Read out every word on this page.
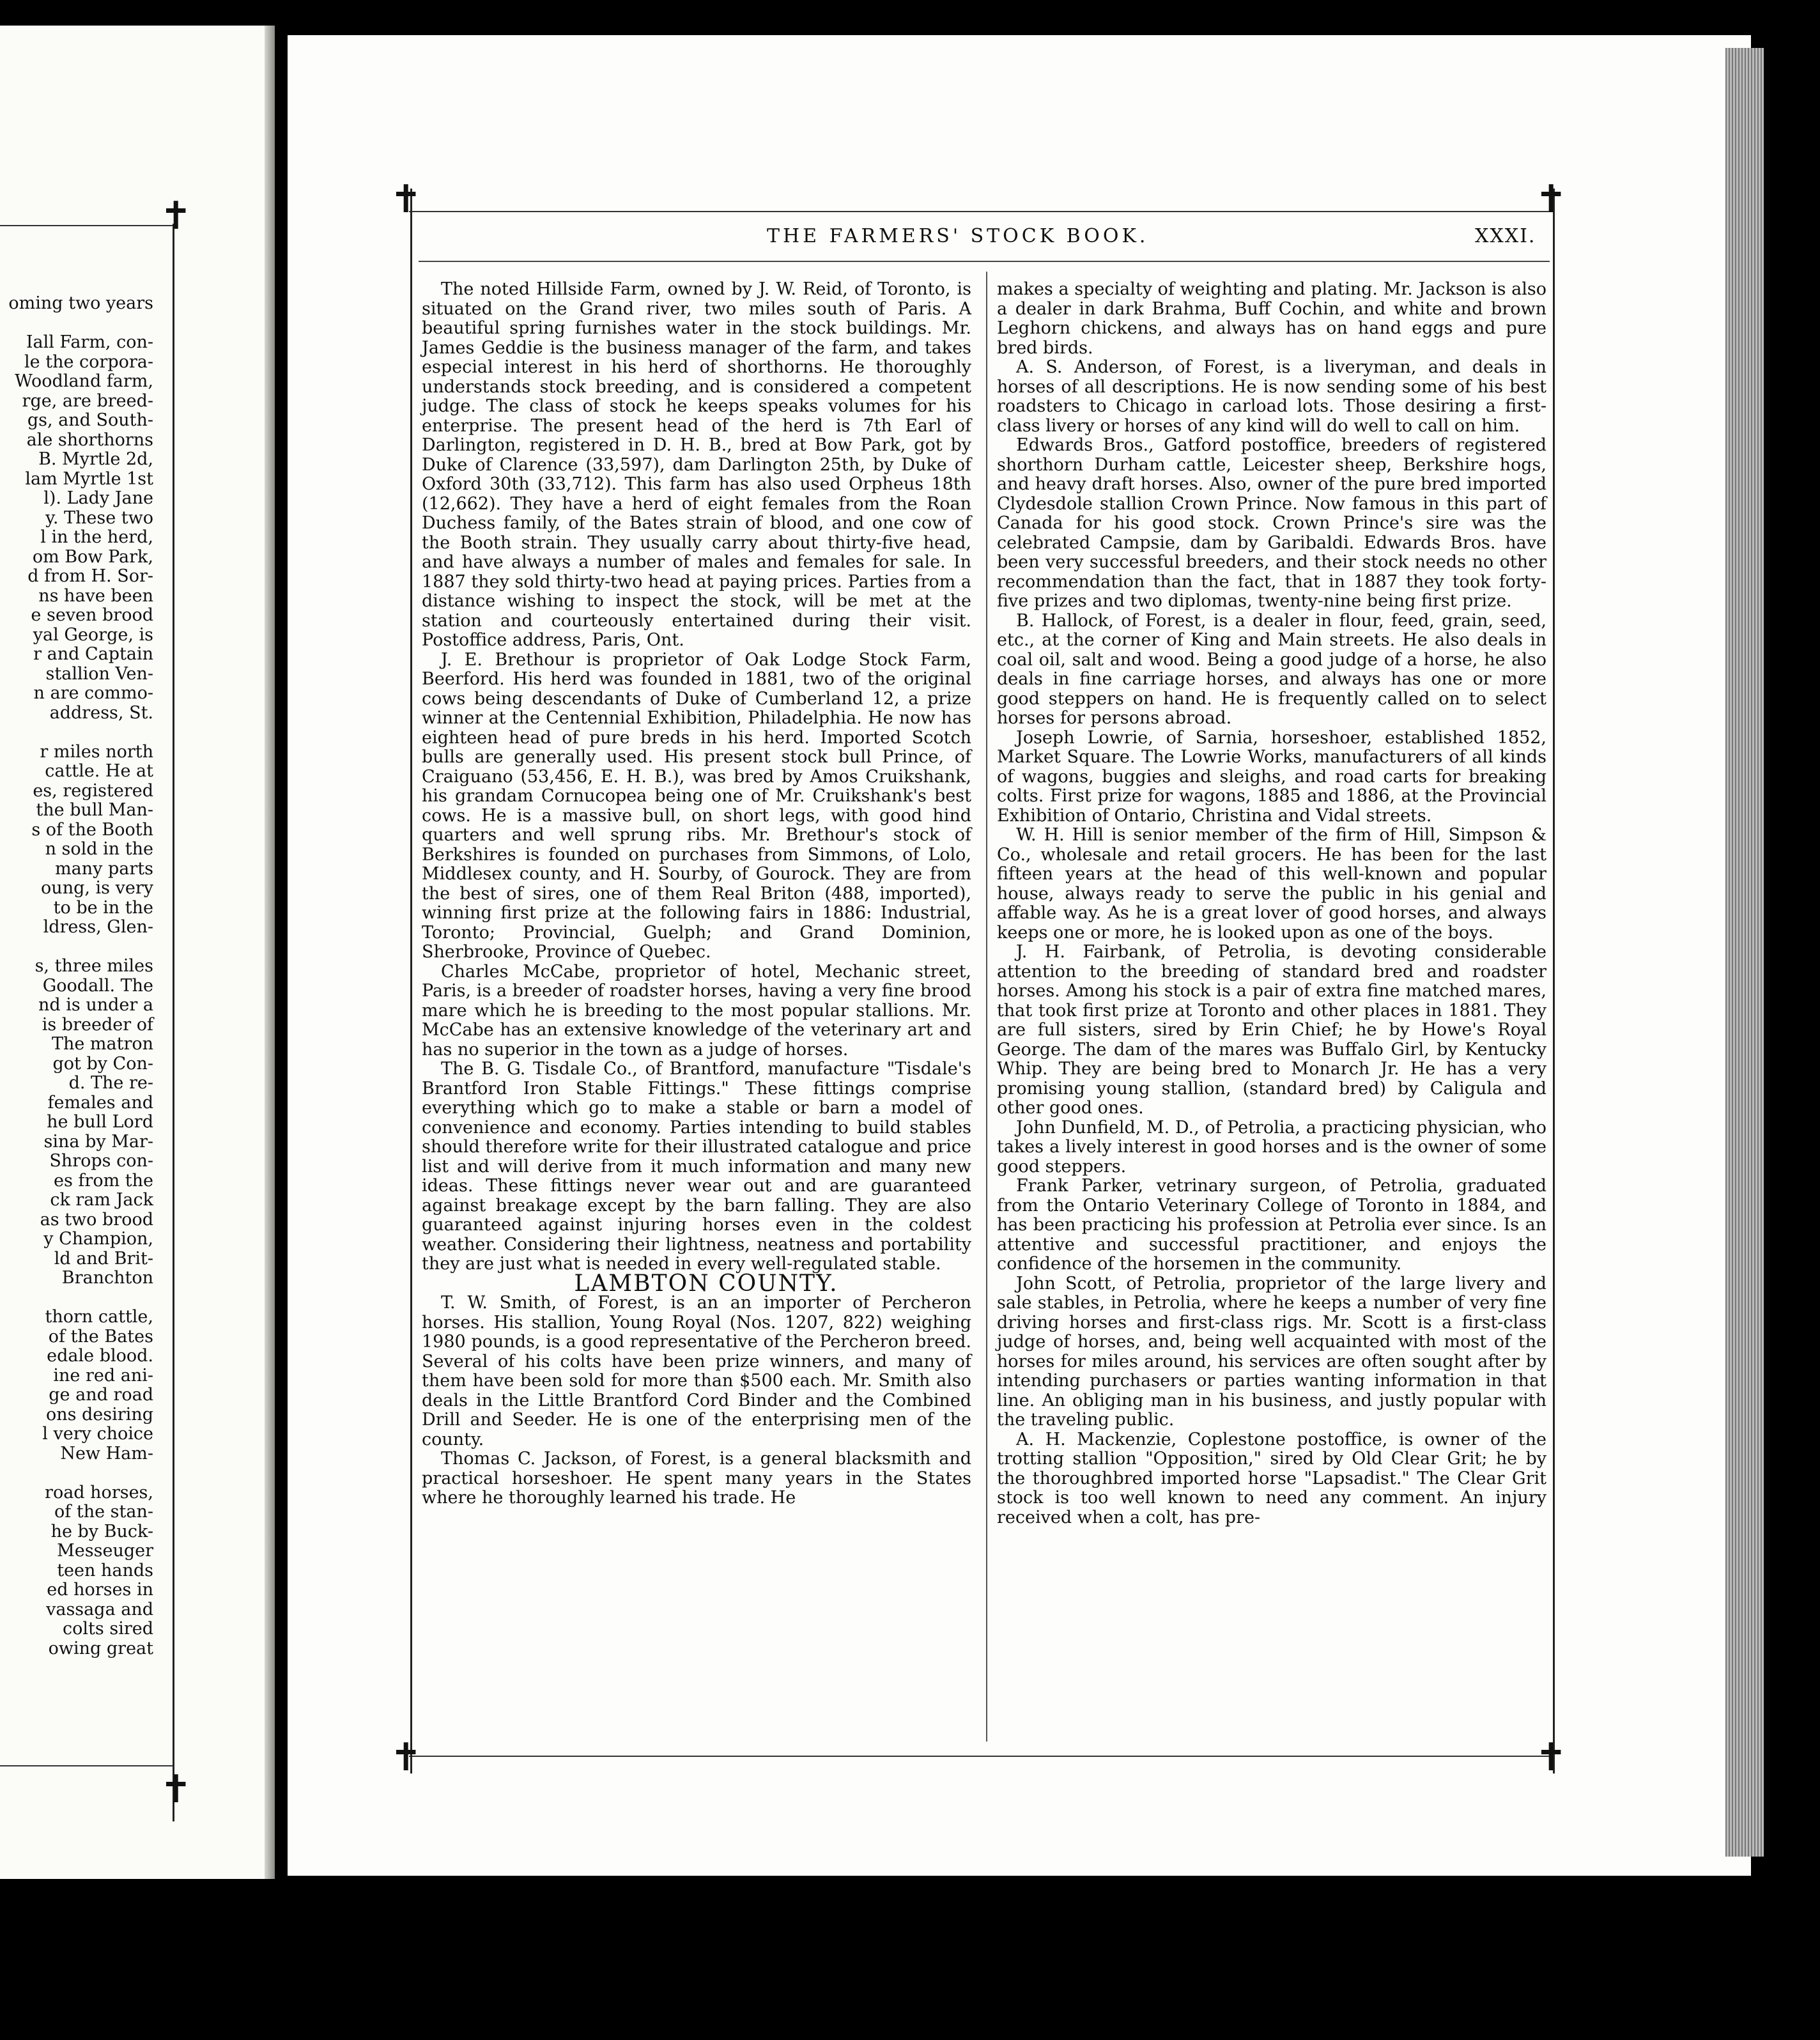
✝
✝
oming two years
Iall Farm, con-
le the corpora-
Woodland farm,
rge, are breed-
gs, and South-
ale shorthorns
B. Myrtle 2d,
lam Myrtle 1st
l). Lady Jane
y. These two
l in the herd,
om Bow Park,
d from H. Sor-
ns have been
e seven brood
yal George, is
r and Captain
stallion Ven-
n are commo-
address, St.
r miles north
cattle. He at
es, registered
the bull Man-
s of the Booth
n sold in the
many parts
oung, is very
to be in the
ldress, Glen-
s, three miles
Goodall. The
nd is under a
is breeder of
The matron
got by Con-
d. The re-
females and
he bull Lord
sina by Mar-
Shrops con-
es from the
ck ram Jack
as two brood
y Champion,
ld and Brit-
Branchton
thorn cattle,
of the Bates
edale blood.
ine red ani-
ge and road
ons desiring
l very choice
New Ham-
road horses,
of the stan-
he by Buck-
Messeuger
teen hands
ed horses in
vassaga and
colts sired
owing great
✝	✝
✝	✝
THE FARMERS' STOCK BOOK.	XXXI.

The noted Hillside Farm, owned by J. W. Reid, of Toronto, is situated on the Grand river, two miles south of Paris. A beautiful spring furnishes water in the stock buildings. Mr. James Geddie is the business manager of the farm, and takes especial interest in his herd of shorthorns. He thoroughly understands stock breeding, and is considered a competent judge. The class of stock he keeps speaks volumes for his enterprise. The present head of the herd is 7th Earl of Darlington, registered in D. H. B., bred at Bow Park, got by Duke of Clarence (33,597), dam Darlington 25th, by Duke of Oxford 30th (33,712). This farm has also used Orpheus 18th (12,662). They have a herd of eight females from the Roan Duchess family, of the Bates strain of blood, and one cow of the Booth strain. They usually carry about thirty-five head, and have always a number of males and females for sale. In 1887 they sold thirty-two head at paying prices. Parties from a distance wishing to inspect the stock, will be met at the station and courteously entertained during their visit. Postoffice address, Paris, Ont.

J. E. Brethour is proprietor of Oak Lodge Stock Farm, Beerford. His herd was founded in 1881, two of the original cows being descendants of Duke of Cumberland 12, a prize winner at the Centennial Exhibition, Philadelphia. He now has eighteen head of pure breds in his herd. Imported Scotch bulls are generally used. His present stock bull Prince, of Craiguano (53,456, E. H. B.), was bred by Amos Cruikshank, his grandam Cornucopea being one of Mr. Cruikshank's best cows. He is a massive bull, on short legs, with good hind quarters and well sprung ribs. Mr. Brethour's stock of Berkshires is founded on purchases from Simmons, of Lolo, Middlesex county, and H. Sourby, of Gourock. They are from the best of sires, one of them Real Briton (488, imported), winning first prize at the following fairs in 1886: Industrial, Toronto; Provincial, Guelph; and Grand Dominion, Sherbrooke, Province of Quebec.

Charles McCabe, proprietor of hotel, Mechanic street, Paris, is a breeder of roadster horses, having a very fine brood mare which he is breeding to the most popular stallions. Mr. McCabe has an extensive knowledge of the veterinary art and has no superior in the town as a judge of horses.

The B. G. Tisdale Co., of Brantford, manufacture "Tisdale's Brantford Iron Stable Fittings." These fittings comprise everything which go to make a stable or barn a model of convenience and economy. Parties intending to build stables should therefore write for their illustrated catalogue and price list and will derive from it much information and many new ideas. These fittings never wear out and are guaranteed against breakage except by the barn falling. They are also guaranteed against injuring horses even in the coldest weather. Considering their lightness, neatness and portability they are just what is needed in every well-regulated stable.

LAMBTON COUNTY.

T. W. Smith, of Forest, is an an importer of Percheron horses. His stallion, Young Royal (Nos. 1207, 822) weighing 1980 pounds, is a good representative of the Percheron breed. Several of his colts have been prize winners, and many of them have been sold for more than $500 each. Mr. Smith also deals in the Little Brantford Cord Binder and the Combined Drill and Seeder. He is one of the enterprising men of the county.

Thomas C. Jackson, of Forest, is a general blacksmith and practical horseshoer. He spent many years in the States where he thoroughly learned his trade. He

makes a specialty of weighting and plating. Mr. Jackson is also a dealer in dark Brahma, Buff Cochin, and white and brown Leghorn chickens, and always has on hand eggs and pure bred birds.

A. S. Anderson, of Forest, is a liveryman, and deals in horses of all descriptions. He is now sending some of his best roadsters to Chicago in carload lots. Those desiring a first-class livery or horses of any kind will do well to call on him.

Edwards Bros., Gatford postoffice, breeders of registered shorthorn Durham cattle, Leicester sheep, Berkshire hogs, and heavy draft horses. Also, owner of the pure bred imported Clydesdole stallion Crown Prince. Now famous in this part of Canada for his good stock. Crown Prince's sire was the celebrated Campsie, dam by Garibaldi. Edwards Bros. have been very successful breeders, and their stock needs no other recommendation than the fact, that in 1887 they took forty-five prizes and two diplomas, twenty-nine being first prize.

B. Hallock, of Forest, is a dealer in flour, feed, grain, seed, etc., at the corner of King and Main streets. He also deals in coal oil, salt and wood. Being a good judge of a horse, he also deals in fine carriage horses, and always has one or more good steppers on hand. He is frequently called on to select horses for persons abroad.

Joseph Lowrie, of Sarnia, horseshoer, established 1852, Market Square. The Lowrie Works, manufacturers of all kinds of wagons, buggies and sleighs, and road carts for breaking colts. First prize for wagons, 1885 and 1886, at the Provincial Exhibition of Ontario, Christina and Vidal streets.

W. H. Hill is senior member of the firm of Hill, Simpson & Co., wholesale and retail grocers. He has been for the last fifteen years at the head of this well-known and popular house, always ready to serve the public in his genial and affable way. As he is a great lover of good horses, and always keeps one or more, he is looked upon as one of the boys.

J. H. Fairbank, of Petrolia, is devoting considerable attention to the breeding of standard bred and roadster horses. Among his stock is a pair of extra fine matched mares, that took first prize at Toronto and other places in 1881. They are full sisters, sired by Erin Chief; he by Howe's Royal George. The dam of the mares was Buffalo Girl, by Kentucky Whip. They are being bred to Monarch Jr. He has a very promising young stallion, (standard bred) by Caligula and other good ones.

John Dunfield, M. D., of Petrolia, a practicing physician, who takes a lively interest in good horses and is the owner of some good steppers.

Frank Parker, vetrinary surgeon, of Petrolia, graduated from the Ontario Veterinary College of Toronto in 1884, and has been practicing his profession at Petrolia ever since. Is an attentive and successful practitioner, and enjoys the confidence of the horsemen in the community.

John Scott, of Petrolia, proprietor of the large livery and sale stables, in Petrolia, where he keeps a number of very fine driving horses and first-class rigs. Mr. Scott is a first-class judge of horses, and, being well acquainted with most of the horses for miles around, his services are often sought after by intending purchasers or parties wanting information in that line. An obliging man in his business, and justly popular with the traveling public.

A. H. Mackenzie, Coplestone postoffice, is owner of the trotting stallion "Opposition," sired by Old Clear Grit; he by the thoroughbred imported horse "Lapsadist." The Clear Grit stock is too well known to need any comment. An injury received when a colt, has pre-
